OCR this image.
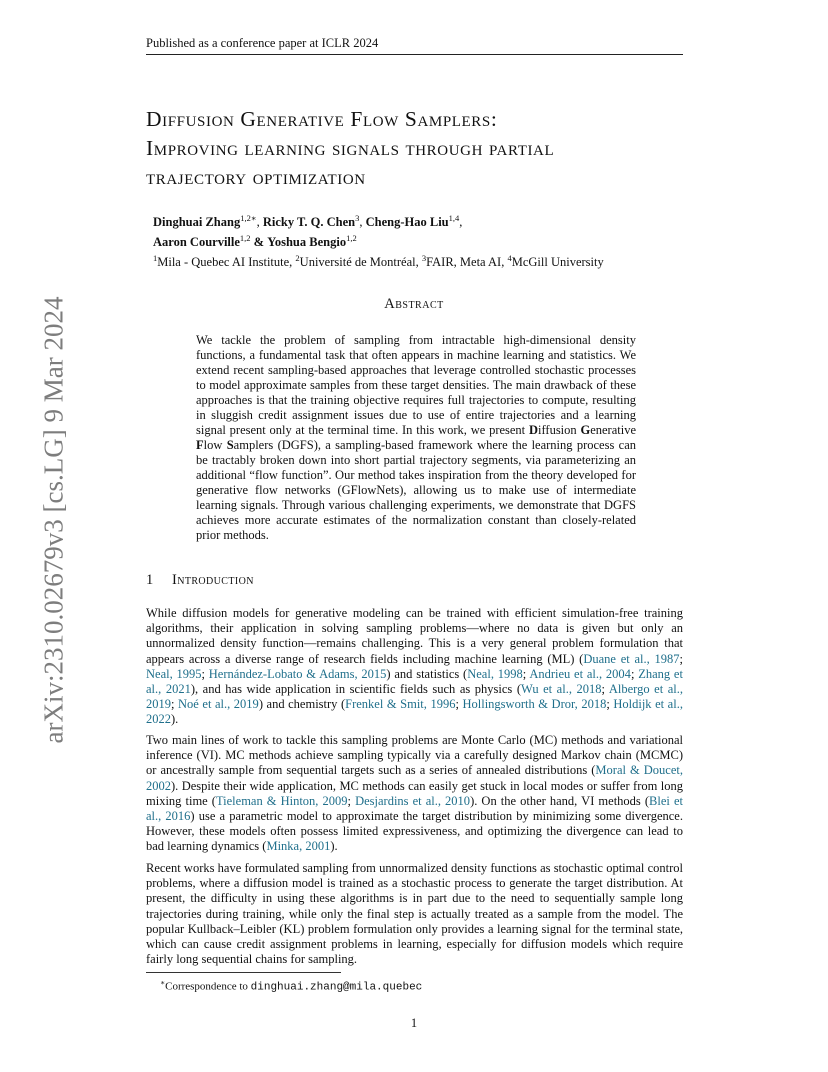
Published as a conference paper at ICLR 2024
arXiv:2310.02679v3 [cs.LG] 9 Mar 2024
Diffusion Generative Flow Samplers:
Improving learning signals through partial
trajectory optimization
Dinghuai Zhang$^{1,2∗}$, Ricky T. Q. Chen$^3$, Cheng-Hao Liu$^{1,4}$,
Aaron Courville$^{1,2}$ & Yoshua Bengio$^{1,2}$
$^1$Mila - Quebec AI Institute, $^2$Université de Montréal, $^3$FAIR, Meta AI, $^4$McGill University
Abstract
We tackle the problem of sampling from intractable high-dimensional density functions, a fundamental task that often appears in machine learning and statistics. We extend recent sampling-based approaches that leverage controlled stochastic processes to model approximate samples from these target densities. The main drawback of these approaches is that the training objective requires full trajectories to compute, resulting in sluggish credit assignment issues due to use of entire trajectories and a learning signal present only at the terminal time. In this work, we present Diffusion Generative Flow Samplers (DGFS), a sampling-based framework where the learning process can be tractably broken down into short partial trajectory segments, via parameterizing an additional “flow function”. Our method takes inspiration from the theory developed for generative flow networks (GFlowNets), allowing us to make use of intermediate learning signals. Through various challenging experiments, we demonstrate that DGFS achieves more accurate estimates of the normalization constant than closely-related prior methods.
1 Introduction
While diffusion models for generative modeling can be trained with efficient simulation-free training algorithms, their application in solving sampling problems—where no data is given but only an unnormalized density function—remains challenging. This is a very general problem formulation that appears across a diverse range of research fields including machine learning (ML) (Duane et al., 1987; Neal, 1995; Hernández-Lobato & Adams, 2015) and statistics (Neal, 1998; Andrieu et al., 2004; Zhang et al., 2021), and has wide application in scientific fields such as physics (Wu et al., 2018; Albergo et al., 2019; Noé et al., 2019) and chemistry (Frenkel & Smit, 1996; Hollingsworth & Dror, 2018; Holdijk et al., 2022).
Two main lines of work to tackle this sampling problems are Monte Carlo (MC) methods and variational inference (VI). MC methods achieve sampling typically via a carefully designed Markov chain (MCMC) or ancestrally sample from sequential targets such as a series of annealed distributions (Moral & Doucet, 2002). Despite their wide application, MC methods can easily get stuck in local modes or suffer from long mixing time (Tieleman & Hinton, 2009; Desjardins et al., 2010). On the other hand, VI methods (Blei et al., 2016) use a parametric model to approximate the target distribution by minimizing some divergence. However, these models often possess limited expressiveness, and optimizing the divergence can lead to bad learning dynamics (Minka, 2001).
Recent works have formulated sampling from unnormalized density functions as stochastic optimal control problems, where a diffusion model is trained as a stochastic process to generate the target distribution. At present, the difficulty in using these algorithms is in part due to the need to sequentially sample long trajectories during training, while only the final step is actually treated as a sample from the model. The popular Kullback–Leibler (KL) problem formulation only provides a learning signal for the terminal state, which can cause credit assignment problems in learning, especially for diffusion models which require fairly long sequential chains for sampling.
∗Correspondence to dinghuai.zhang@mila.quebec
1
